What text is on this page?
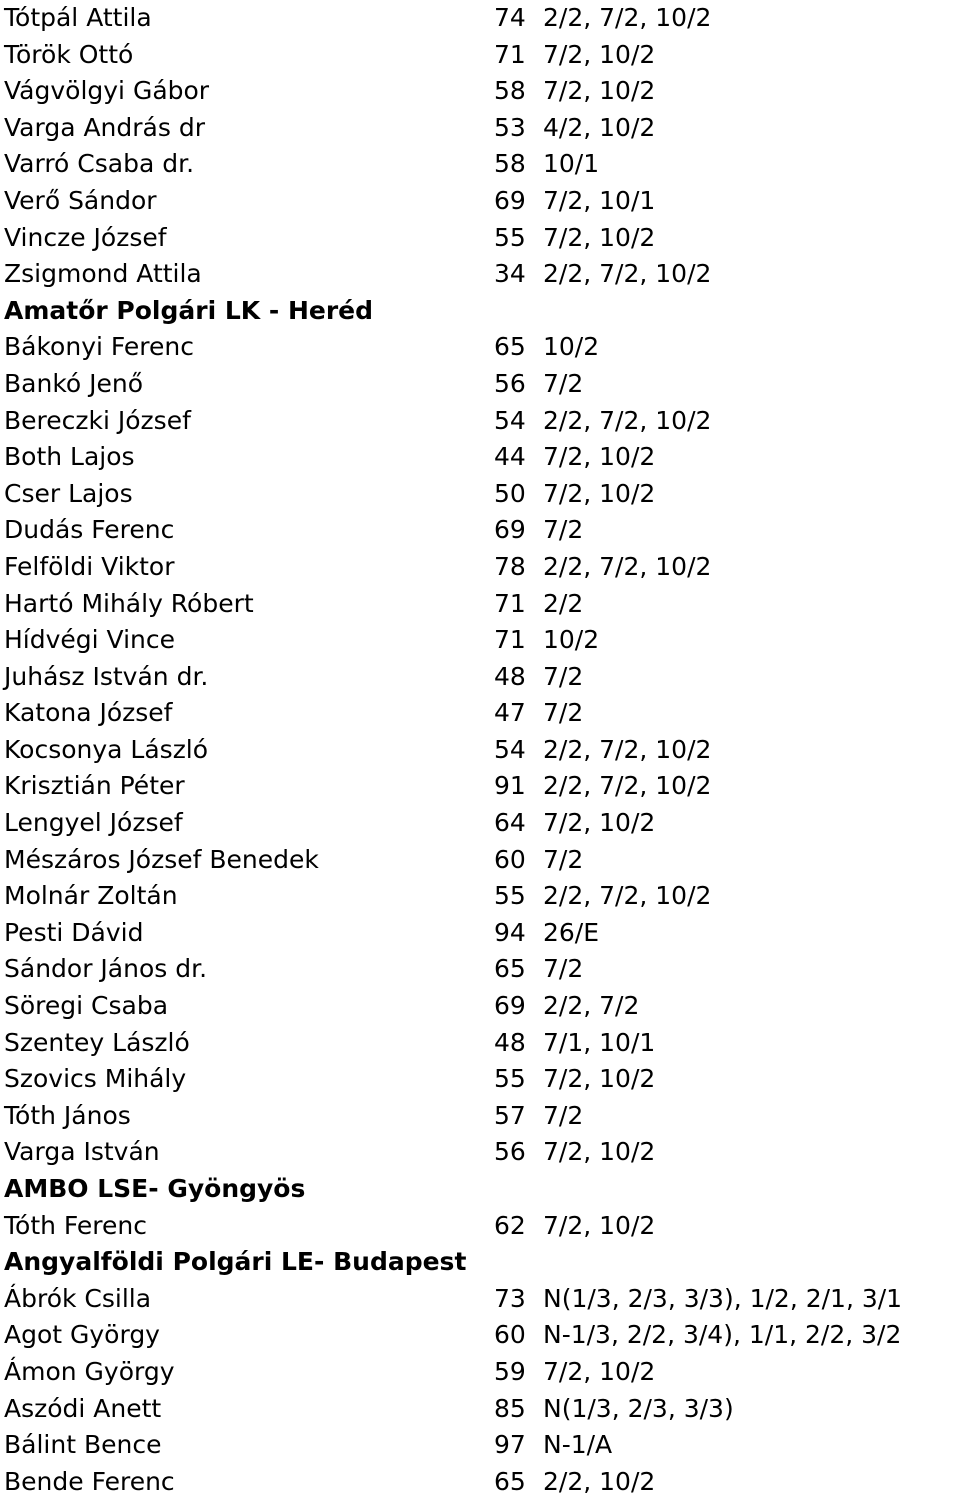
Tótpál Attila	74 2/2, 7/2, 10/2
Török Ottó	71 7/2, 10/2
Vágvölgyi Gábor	58 7/2, 10/2
Varga András dr	53 4/2, 10/2
Varró Csaba dr.	58 10/1
Verő Sándor	69 7/2, 10/1
Vincze József	55 7/2, 10/2
Zsigmond Attila	34 2/2, 7/2, 10/2
Amatőr Polgári LK - Heréd
Bákonyi Ferenc	65 10/2
Bankó Jenő	56 7/2
Bereczki József	54 2/2, 7/2, 10/2
Both Lajos	44 7/2, 10/2
Cser Lajos	50 7/2, 10/2
Dudás Ferenc	69 7/2
Felföldi Viktor	78 2/2, 7/2, 10/2
Hartó Mihály Róbert	71 2/2
Hídvégi Vince	71 10/2
Juhász István dr.	48 7/2
Katona József	47 7/2
Kocsonya László	54 2/2, 7/2, 10/2
Krisztián Péter	91 2/2, 7/2, 10/2
Lengyel József	64 7/2, 10/2
Mészáros József Benedek	60 7/2
Molnár Zoltán	55 2/2, 7/2, 10/2
Pesti Dávid	94 26/E
Sándor János dr.	65 7/2
Söregi Csaba	69 2/2, 7/2
Szentey László	48 7/1, 10/1
Szovics Mihály	55 7/2, 10/2
Tóth János	57 7/2
Varga István	56 7/2, 10/2
AMBO LSE- Gyöngyös
Tóth Ferenc	62 7/2, 10/2
Angyalföldi Polgári LE- Budapest
Ábrók Csilla	73 N(1/3, 2/3, 3/3), 1/2, 2/1, 3/1
Agot György	60 N-1/3, 2/2, 3/4), 1/1, 2/2, 3/2
Ámon György	59 7/2, 10/2
Aszódi Anett	85 N(1/3, 2/3, 3/3)
Bálint Bence	97 N-1/A
Bende Ferenc	65 2/2, 10/2
